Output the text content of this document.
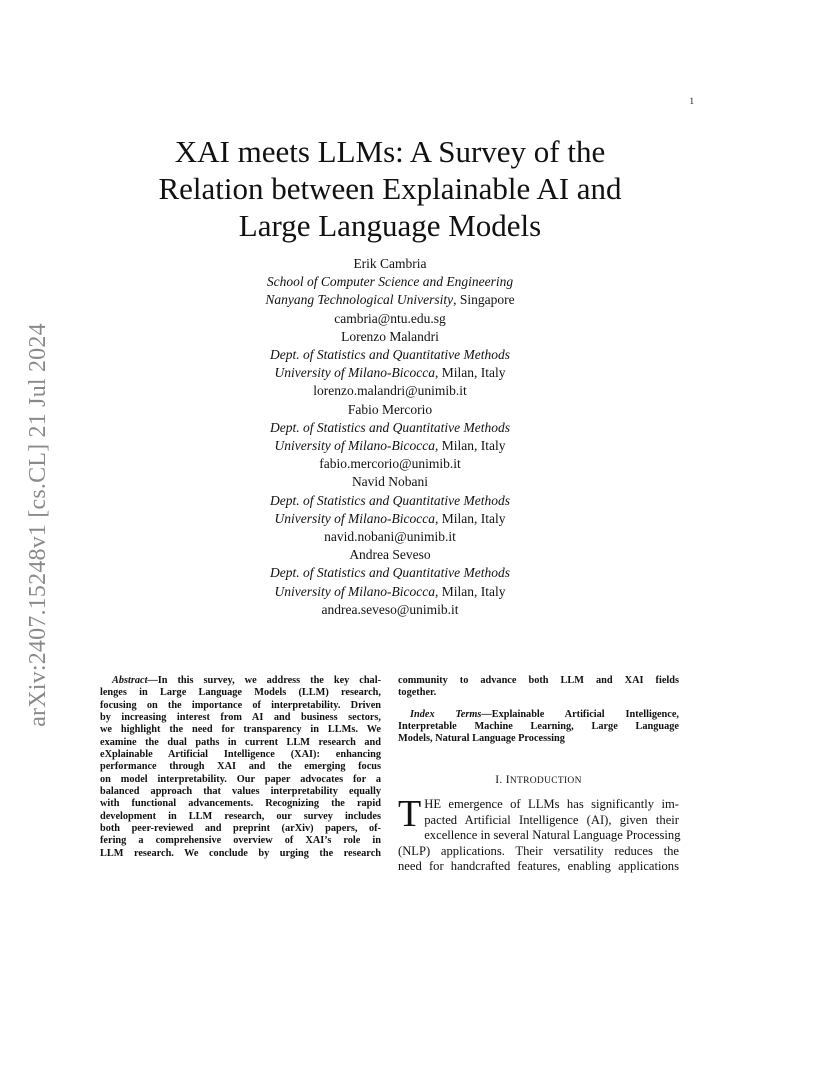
1
arXiv:2407.15248v1 [cs.CL] 21 Jul 2024
XAI meets LLMs: A Survey of the
Relation between Explainable AI and
Large Language Models
Erik Cambria
School of Computer Science and Engineering
Nanyang Technological University, Singapore
cambria@ntu.edu.sg
Lorenzo Malandri
Dept. of Statistics and Quantitative Methods
University of Milano-Bicocca, Milan, Italy
lorenzo.malandri@unimib.it
Fabio Mercorio
Dept. of Statistics and Quantitative Methods
University of Milano-Bicocca, Milan, Italy
fabio.mercorio@unimib.it
Navid Nobani
Dept. of Statistics and Quantitative Methods
University of Milano-Bicocca, Milan, Italy
navid.nobani@unimib.it
Andrea Seveso
Dept. of Statistics and Quantitative Methods
University of Milano-Bicocca, Milan, Italy
andrea.seveso@unimib.it
Abstract—In this survey, we address the key chal-
lenges in Large Language Models (LLM) research,
focusing on the importance of interpretability. Driven
by increasing interest from AI and business sectors,
we highlight the need for transparency in LLMs. We
examine the dual paths in current LLM research and
eXplainable Artificial Intelligence (XAI): enhancing
performance through XAI and the emerging focus
on model interpretability. Our paper advocates for a
balanced approach that values interpretability equally
with functional advancements. Recognizing the rapid
development in LLM research, our survey includes
both peer-reviewed and preprint (arXiv) papers, of-
fering a comprehensive overview of XAI’s role in
LLM research. We conclude by urging the research
community to advance both LLM and XAI fields
together.
Index Terms—Explainable Artificial Intelligence,
Interpretable Machine Learning, Large Language
Models, Natural Language Processing
I. INTRODUCTION
T HE emergence of LLMs has significantly im-
pacted Artificial Intelligence (AI), given their
excellence in several Natural Language Processing
(NLP) applications. Their versatility reduces the
need for handcrafted features, enabling applications
